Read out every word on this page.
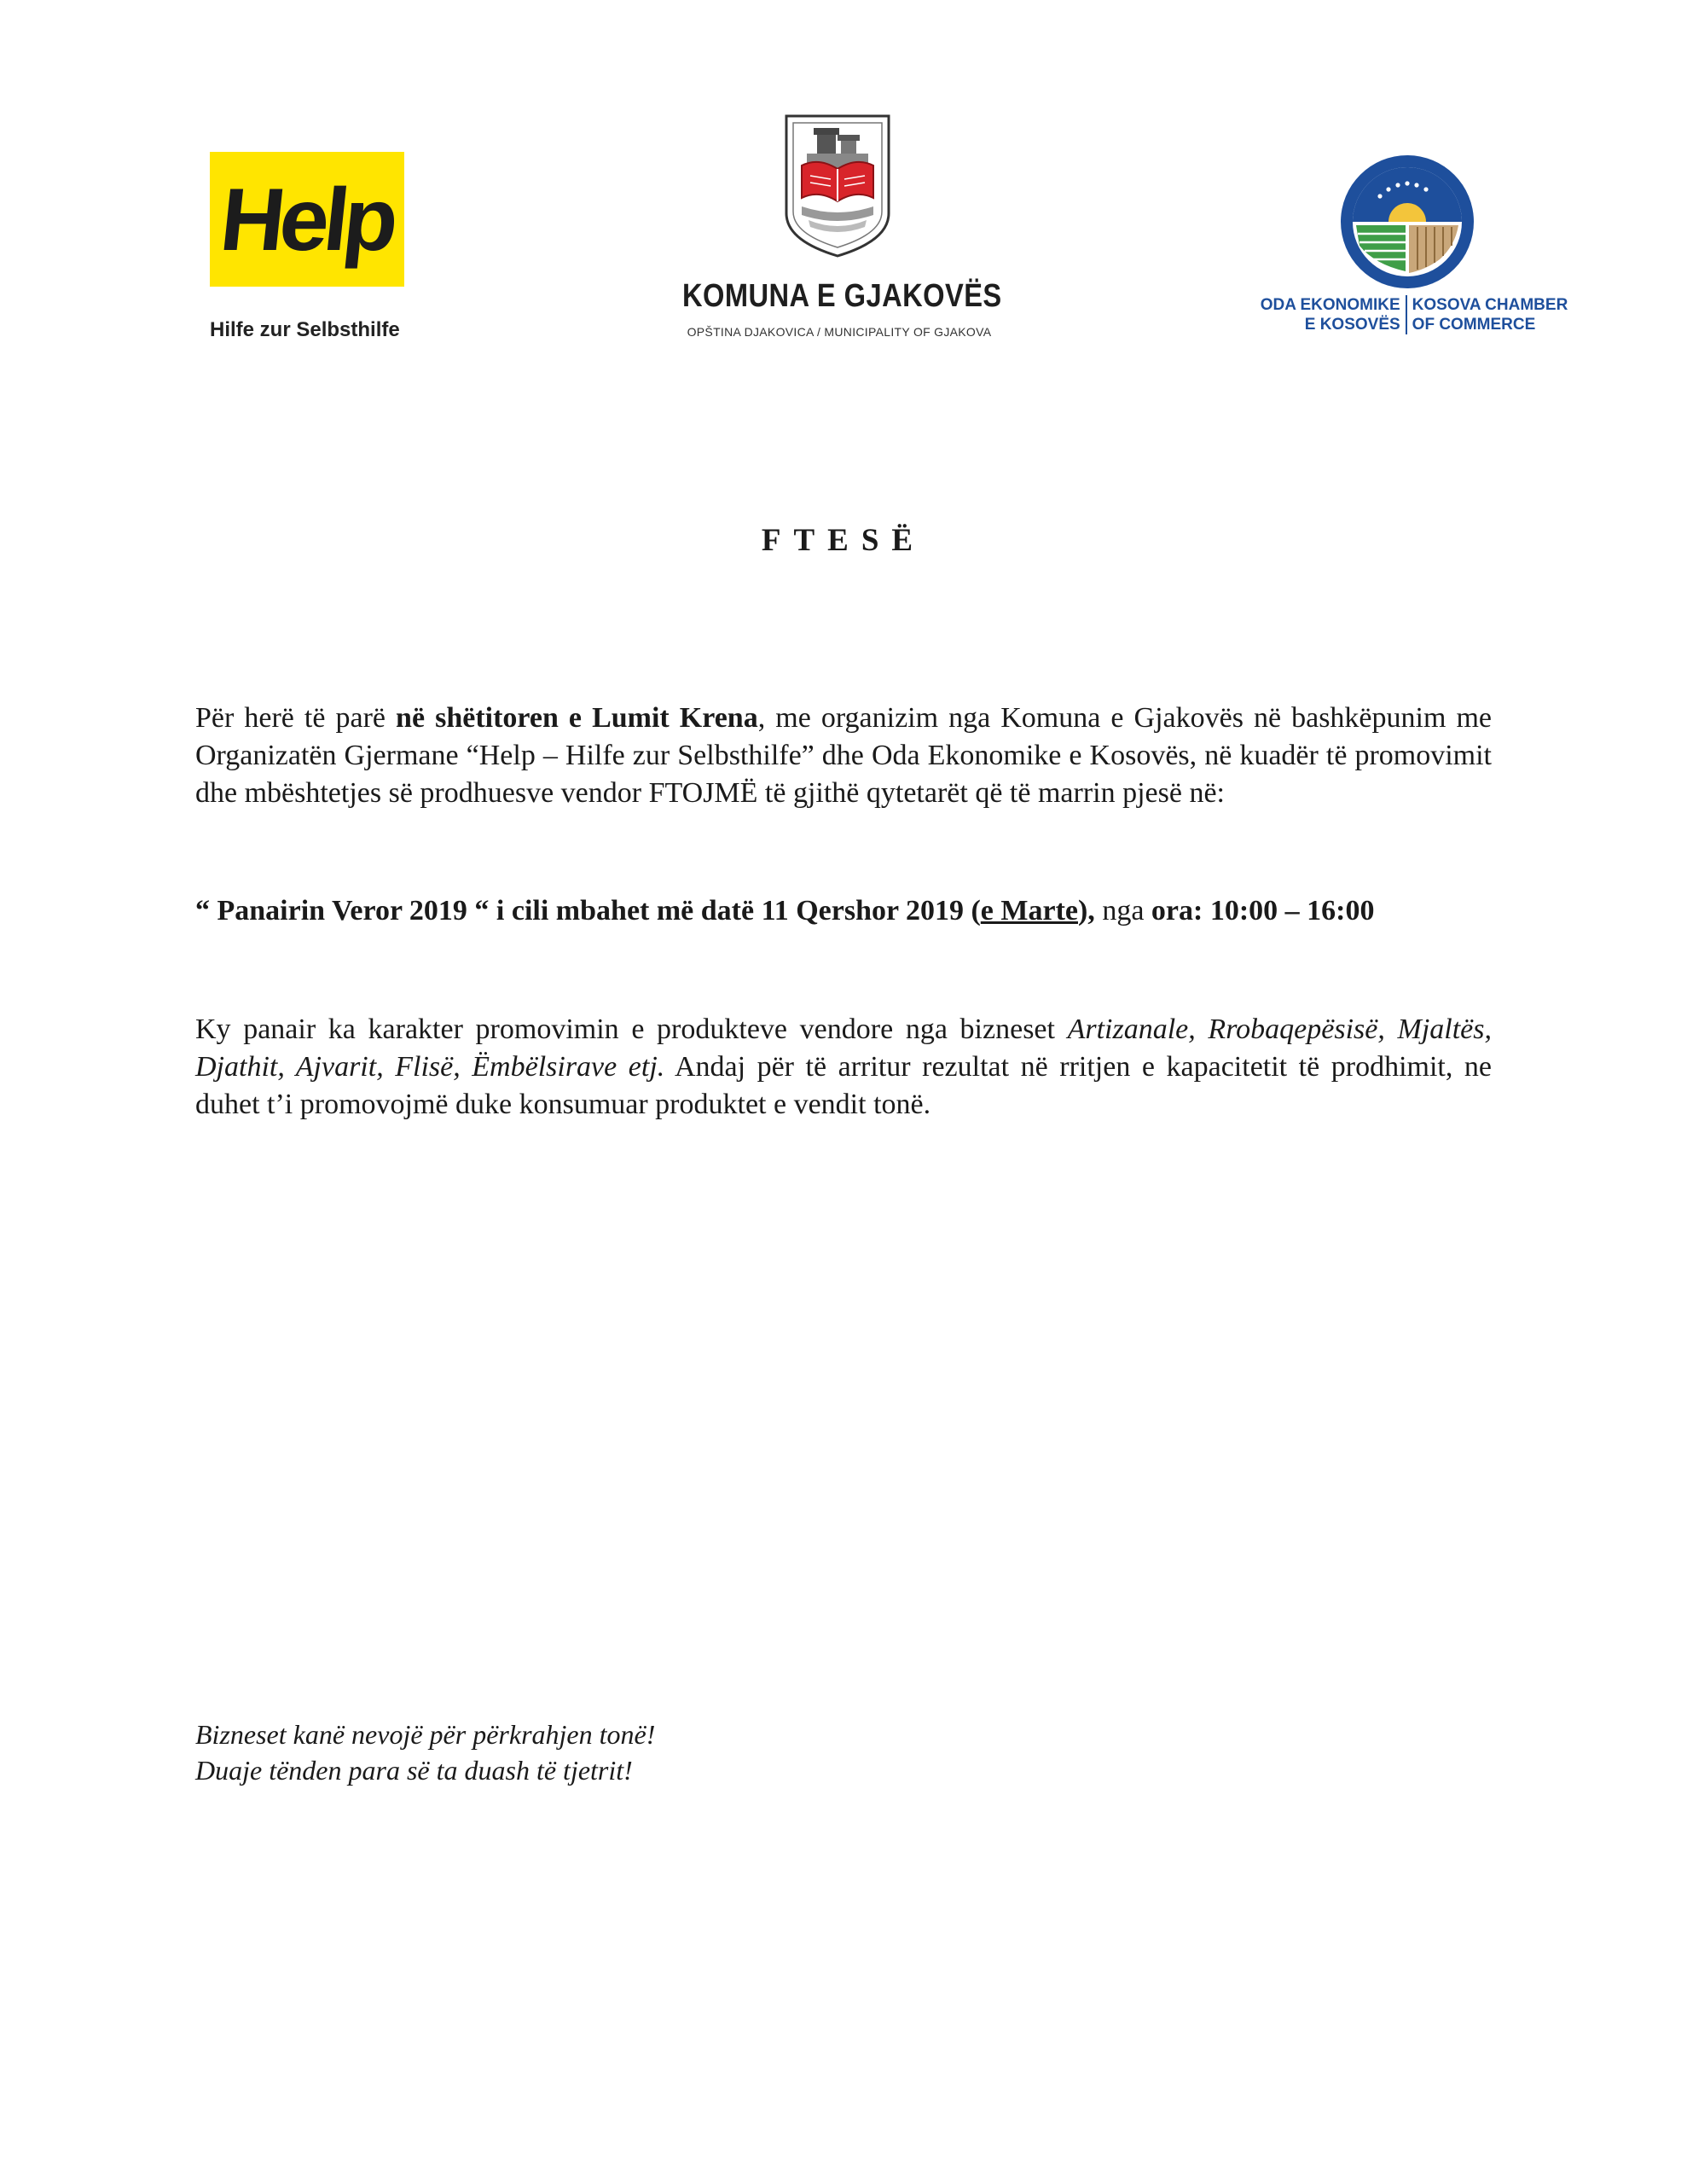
Help
Hilfe zur Selbsthilfe
KOMUNA E GJAKOVËS
OPŠTINA DJAKOVICA / MUNICIPALITY OF GJAKOVA
ODA EKONOMIKE
E KOSOVËS
KOSOVA CHAMBER
OF COMMERCE
FTESË
Për herë të parë në shëtitoren e Lumit Krena, me organizim nga Komuna e Gjakovës në bashkëpunim me Organizatën Gjermane “Help – Hilfe zur Selbsthilfe” dhe Oda Ekonomike e Kosovës, në kuadër të promovimit dhe mbështetjes së prodhuesve vendor FTOJMË të gjithë qytetarët që të marrin pjesë në:
“ Panairin Veror 2019 “ i cili mbahet më datë 11 Qershor 2019 (e Marte), nga ora: 10:00 – 16:00
Ky panair ka karakter promovimin e produkteve vendore nga bizneset Artizanale, Rrobaqepësisë, Mjaltës, Djathit, Ajvarit, Flisë, Ëmbëlsirave etj. Andaj për të arritur rezultat në rritjen e kapacitetit të prodhimit, ne duhet t’i promovojmë duke konsumuar produktet e vendit tonë.
Bizneset kanë nevojë për përkrahjen tonë!
Duaje tënden para së ta duash të tjetrit!
